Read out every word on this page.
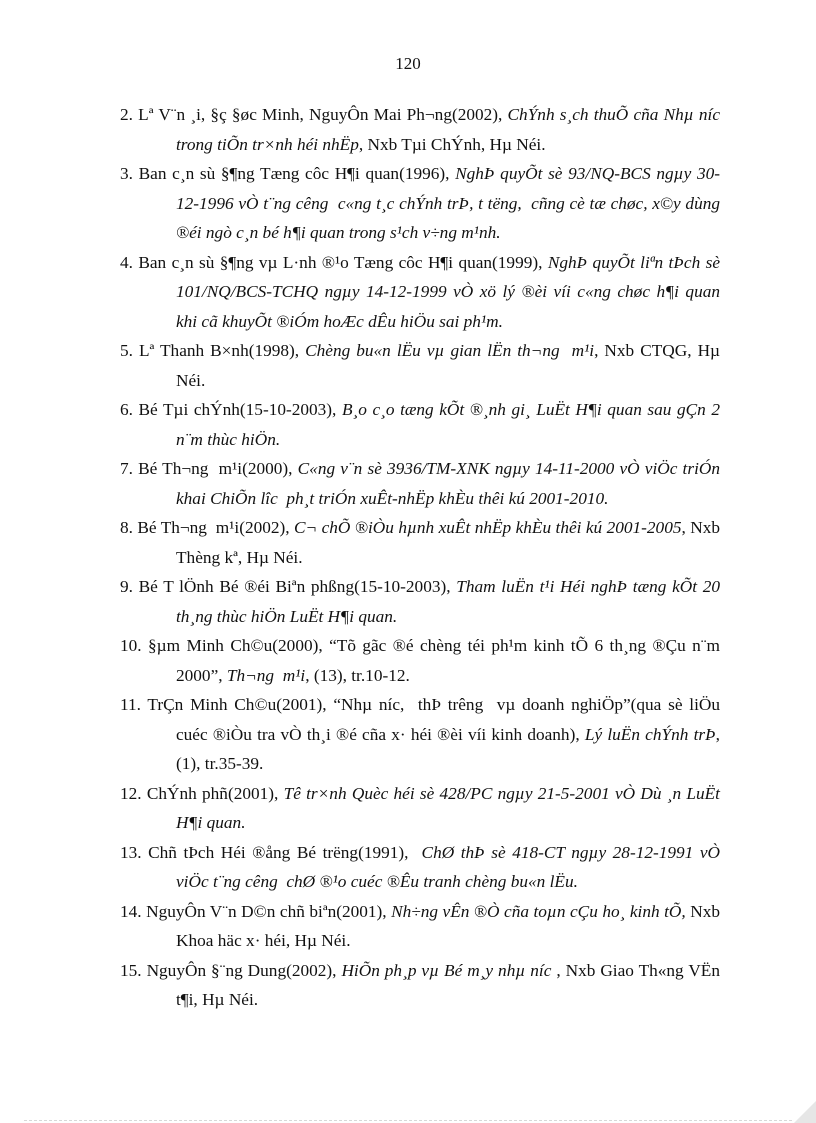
120
2. Lª V¨n ¸i, §ç §øc Minh, NguyÔn Mai Ph¬ng(2002), ChÝnh s¸ch thuÕ cña Nhµ níc  trong tiÕn tr×nh héi nhËp, Nxb Tµi ChÝnh, Hµ Néi.
3. Ban c¸n sù §¶ng Tæng côc H¶i quan(1996), NghÞ quyÕt sè 93/NQ-BCS ngµy 30-12-1996 vÒ t¨ng cêng  c«ng t¸c chÝnh trÞ, t tëng,  cñng cè tæ chøc, x©y dùng ®éi ngò c¸n bé h¶i quan trong s¹ch v÷ng m¹nh.
4. Ban c¸n sù §¶ng vµ L·nh ®¹o Tæng côc H¶i quan(1999), NghÞ quyÕt liªn tÞch sè 101/NQ/BCS-TCHQ ngµy 14-12-1999 vÒ xö lý ®èi víi c«ng chøc h¶i quan khi cã khuyÕt ®iÓm hoÆc dÊu hiÖu sai ph¹m.
5. Lª Thanh B×nh(1998), Chèng bu«n lËu vµ gian lËn th¬ng  m¹i, Nxb CTQG, Hµ Néi.
6. Bé Tµi chÝnh(15-10-2003), B¸o c¸o tæng kÕt ®¸nh gi¸ LuËt H¶i quan sau gÇn 2 n¨m thùc hiÖn.
7. Bé Th¬ng  m¹i(2000), C«ng v¨n sè 3936/TM-XNK ngµy 14-11-2000 vÒ viÖc triÓn khai ChiÕn lîc  ph¸t triÓn xuÊt-nhËp khÈu thêi kú 2001-2010.
8. Bé Th¬ng  m¹i(2002), C¬ chÕ ®iÒu hµnh xuÊt nhËp khÈu thêi kú 2001-2005, Nxb Thèng kª, Hµ Néi.
9. Bé T lÖnh Bé ®éi Biªn phßng(15-10-2003), Tham luËn t¹i Héi nghÞ tæng kÕt 20 th¸ng thùc hiÖn LuËt H¶i quan.
10. §µm Minh Ch©u(2000), “Tõ gãc ®é chèng téi ph¹m kinh tÕ 6 th¸ng ®Çu n¨m 2000”, Th¬ng  m¹i, (13), tr.10-12.
11. TrÇn Minh Ch©u(2001), “Nhµ níc,  thÞ trêng  vµ doanh nghiÖp”(qua sè liÖu  cuéc ®iÒu tra vÒ th¸i ®é cña x· héi ®èi víi kinh doanh), Lý luËn chÝnh trÞ, (1), tr.35-39.
12. ChÝnh phñ(2001), Tê tr×nh Quèc héi sè 428/PC ngµy 21-5-2001 vÒ Dù ¸n LuËt H¶i quan.
13. Chñ tÞch Héi ®ång Bé trëng(1991),  ChØ thÞ sè 418-CT ngµy 28-12-1991 vÒ viÖc t¨ng cêng  chØ ®¹o cuéc ®Êu tranh chèng bu«n lËu.
14. NguyÔn V¨n D©n chñ biªn(2001), Nh÷ng vÊn ®Ò cña toµn cÇu ho¸ kinh tÕ, Nxb Khoa häc x· héi, Hµ Néi.
15. NguyÔn §¨ng Dung(2002), HiÕn ph¸p vµ Bé m¸y nhµ níc , Nxb Giao Th«ng VËn t¶i, Hµ Néi.
